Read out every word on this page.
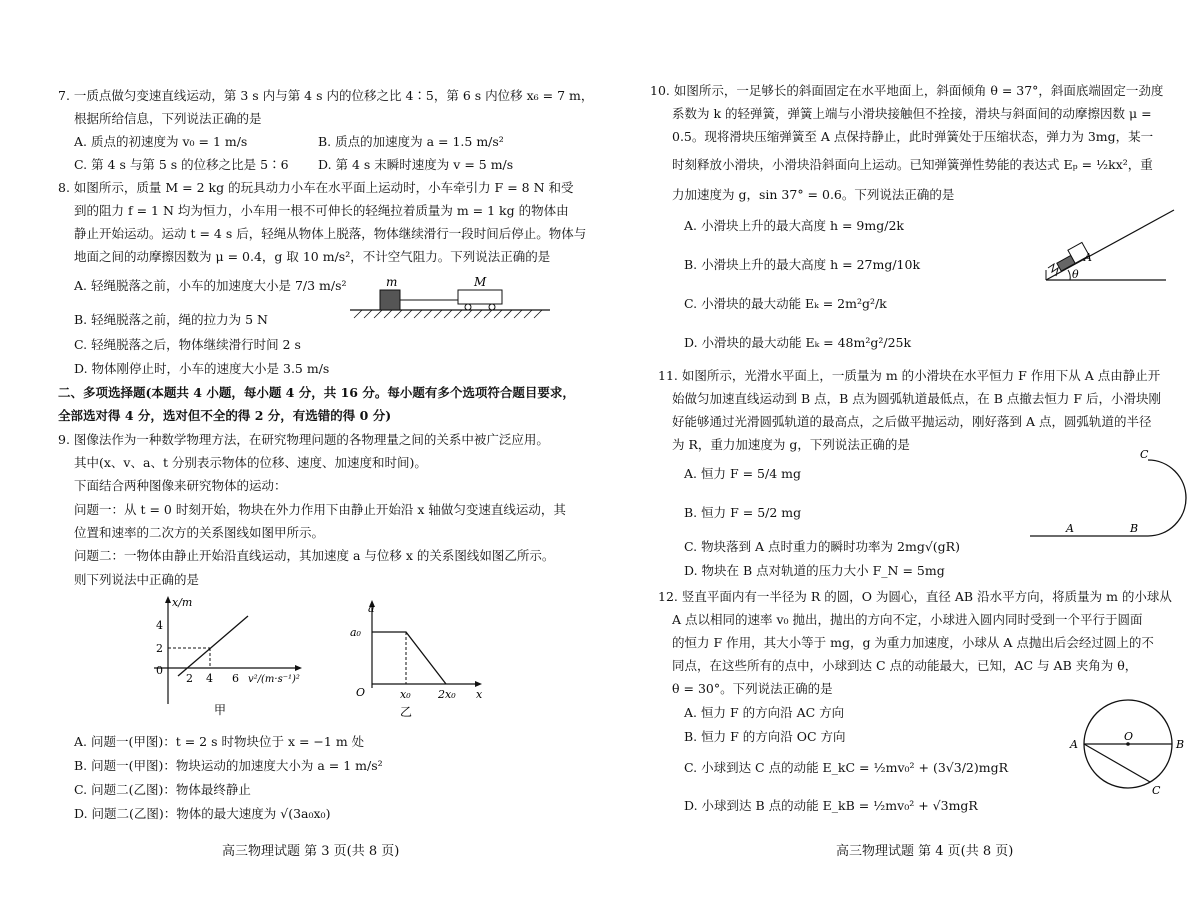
7. 一质点做匀变速直线运动，第 3 s 内与第 4 s 内的位移之比 4∶5，第 6 s 内位移 x₆ = 7 m，
根据所给信息，下列说法正确的是
A. 质点的初速度为 v₀ = 1 m/s	B. 质点的加速度为 a = 1.5 m/s²
C. 第 4 s 与第 5 s 的位移之比是 5∶6 D. 第 4 s 末瞬时速度为 v = 5 m/s
8. 如图所示，质量 M = 2 kg 的玩具动力小车在水平面上运动时，小车牵引力 F = 8 N 和受
到的阻力 f = 1 N 均为恒力，小车用一根不可伸长的轻绳拉着质量为 m = 1 kg 的物体由
静止开始运动。运动 t = 4 s 后，轻绳从物体上脱落，物体继续滑行一段时间后停止。物体与
地面之间的动摩擦因数为 μ = 0.4，g 取 10 m/s²，不计空气阻力。下列说法正确的是
A. 轻绳脱落之前，小车的加速度大小是 7/3 m/s²
B. 轻绳脱落之前，绳的拉力为 5 N
C. 轻绳脱落之后，物体继续滑行时间 2 s
D. 物体刚停止时，小车的速度大小是 3.5 m/s
m	M
二、多项选择题(本题共 4 小题，每小题 4 分，共 16 分。每小题有多个选项符合题目要求，
全部选对得 4 分，选对但不全的得 2 分，有选错的得 0 分)
9. 图像法作为一种数学物理方法，在研究物理问题的各物理量之间的关系中被广泛应用。
其中(x、v、a、t 分别表示物体的位移、速度、加速度和时间)。
下面结合两种图像来研究物体的运动：
问题一：从 t = 0 时刻开始，物块在外力作用下由静止开始沿 x 轴做匀变速直线运动，其
位置和速率的二次方的关系图线如图甲所示。
问题二：一物体由静止开始沿直线运动，其加速度 a 与位移 x 的关系图线如图乙所示。
则下列说法中正确的是
x/m
4
2
0
2 4 6 v²/(m·s⁻¹)²
甲
a
a₀
O	x₀ 2x₀ x
乙
A. 问题一(甲图)：t = 2 s 时物块位于 x = −1 m 处
B. 问题一(甲图)：物块运动的加速度大小为 a = 1 m/s²
C. 问题二(乙图)：物体最终静止
D. 问题二(乙图)：物体的最大速度为 √(3a₀x₀)
高三物理试题 第 3 页(共 8 页)
10. 如图所示，一足够长的斜面固定在水平地面上，斜面倾角 θ = 37°，斜面底端固定一劲度
系数为 k 的轻弹簧，弹簧上端与小滑块接触但不拴接，滑块与斜面间的动摩擦因数 μ =
0.5。现将滑块压缩弹簧至 A 点保持静止，此时弹簧处于压缩状态，弹力为 3mg，某一
时刻释放小滑块，小滑块沿斜面向上运动。已知弹簧弹性势能的表达式 Eₚ = ½kx²，重
力加速度为 g，sin 37° = 0.6。下列说法正确的是
A. 小滑块上升的最大高度 h = 9mg/2k
B. 小滑块上升的最大高度 h = 27mg/10k
C. 小滑块的最大动能 Eₖ = 2m²g²/k
D. 小滑块的最大动能 Eₖ = 48m²g²/25k
A
θ
11. 如图所示，光滑水平面上，一质量为 m 的小滑块在水平恒力 F 作用下从 A 点由静止开
始做匀加速直线运动到 B 点，B 点为圆弧轨道最低点，在 B 点撤去恒力 F 后，小滑块刚
好能够通过光滑圆弧轨道的最高点，之后做平抛运动，刚好落到 A 点，圆弧轨道的半径
为 R，重力加速度为 g，下列说法正确的是
A. 恒力 F = 5/4 mg
B. 恒力 F = 5/2 mg
C. 物块落到 A 点时重力的瞬时功率为 2mg√(gR)
D. 物块在 B 点对轨道的压力大小 F_N = 5mg
A	B
C
12. 竖直平面内有一半径为 R 的圆，O 为圆心，直径 AB 沿水平方向，将质量为 m 的小球从
A 点以相同的速率 v₀ 抛出，抛出的方向不定，小球进入圆内同时受到一个平行于圆面
的恒力 F 作用，其大小等于 mg，g 为重力加速度，小球从 A 点抛出后会经过圆上的不
同点，在这些所有的点中，小球到达 C 点的动能最大，已知，AC 与 AB 夹角为 θ，
θ = 30°。下列说法正确的是
A. 恒力 F 的方向沿 AC 方向
B. 恒力 F 的方向沿 OC 方向
C. 小球到达 C 点的动能 E_kC = ½mv₀² + (3√3/2)mgR
D. 小球到达 B 点的动能 E_kB = ½mv₀² + √3mgR
A	B
O
C
高三物理试题 第 4 页(共 8 页)
